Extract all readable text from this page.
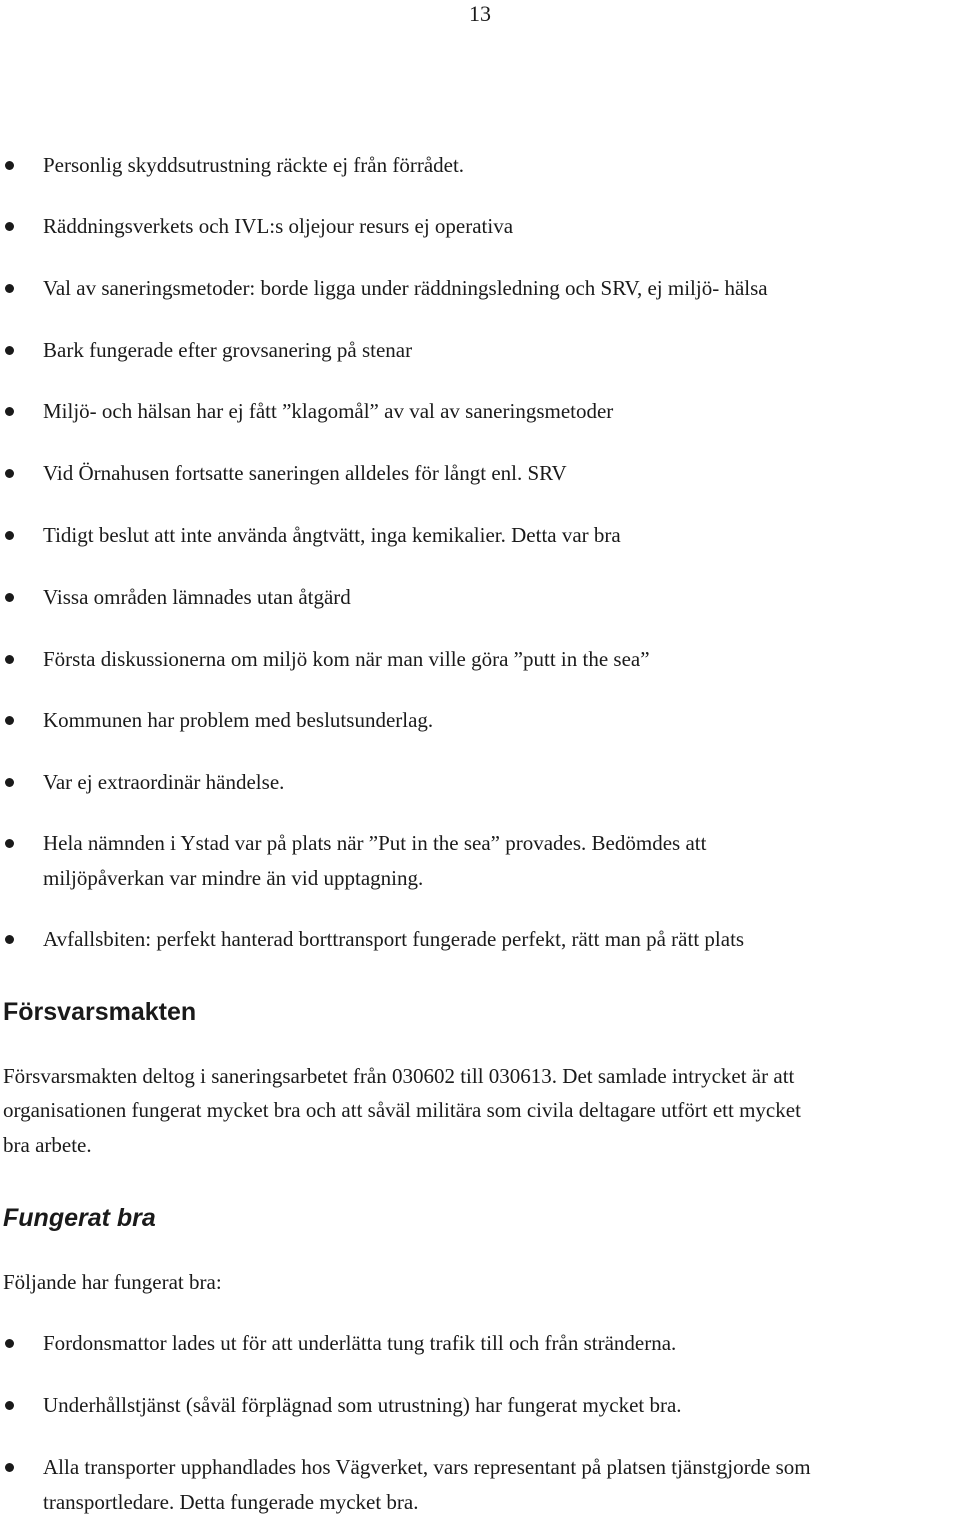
13
Personlig skyddsutrustning räckte ej från förrådet.
Räddningsverkets och IVL:s oljejour resurs ej operativa
Val av saneringsmetoder: borde ligga under räddningsledning och SRV, ej miljö- hälsa
Bark fungerade efter grovsanering på stenar
Miljö- och hälsan har ej fått ”klagomål” av val av saneringsmetoder
Vid Örnahusen fortsatte saneringen alldeles för långt enl. SRV
Tidigt beslut att inte använda ångtvätt, inga kemikalier. Detta var bra
Vissa områden lämnades utan åtgärd
Första diskussionerna om miljö kom när man ville göra ”putt in the sea”
Kommunen har problem med beslutsunderlag.
Var ej extraordinär händelse.
Hela nämnden i Ystad var på plats när ”Put in the sea” provades. Bedömdes att
miljöpåverkan var mindre än vid upptagning.
Avfallsbiten: perfekt hanterad borttransport fungerade perfekt, rätt man på rätt plats
Försvarsmakten
Försvarsmakten deltog i saneringsarbetet från 030602 till 030613. Det samlade intrycket är att
organisationen fungerat mycket bra och att såväl militära som civila deltagare utfört ett mycket
bra arbete.
Fungerat bra
Följande har fungerat bra:
Fordonsmattor lades ut för att underlätta tung trafik till och från stränderna.
Underhållstjänst (såväl förplägnad som utrustning) har fungerat mycket bra.
Alla transporter upphandlades hos Vägverket, vars representant på platsen tjänstgjorde som
transportledare. Detta fungerade mycket bra.
